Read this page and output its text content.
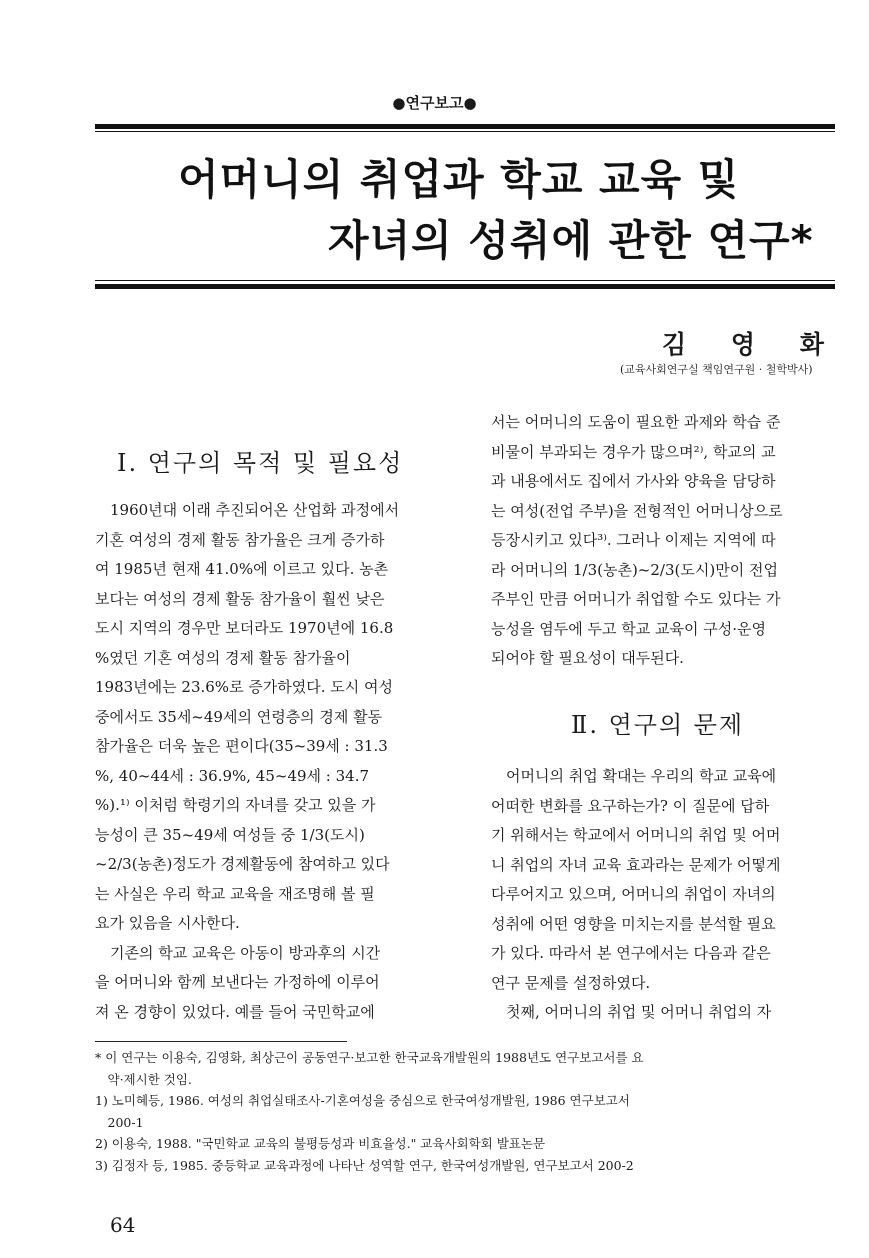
●연구보고●
어머니의 취업과 학교 교육 및
자녀의 성취에 관한 연구*
김 영 화
(교육사회연구실 책임연구원 · 철학박사)
Ⅰ. 연구의 목적 및 필요성
　1960년대 이래 추진되어온 산업화 과정에서
기혼 여성의 경제 활동 참가율은 크게 증가하
여 1985년 현재 41.0%에 이르고 있다. 농촌
보다는 여성의 경제 활동 참가율이 훨씬 낮은
도시 지역의 경우만 보더라도 1970년에 16.8
%였던 기혼 여성의 경제 활동 참가율이
1983년에는 23.6%로 증가하였다. 도시 여성
중에서도 35세~49세의 연령층의 경제 활동
참가율은 더욱 높은 편이다(35~39세 : 31.3
%, 40~44세 : 36.9%, 45~49세 : 34.7
%).¹⁾ 이처럼 학령기의 자녀를 갖고 있을 가
능성이 큰 35~49세 여성들 중 1/3(도시)
~2/3(농촌)정도가 경제활동에 참여하고 있다
는 사실은 우리 학교 교육을 재조명해 볼 필
요가 있음을 시사한다.
　기존의 학교 교육은 아동이 방과후의 시간
을 어머니와 함께 보낸다는 가정하에 이루어
져 온 경향이 있었다. 예를 들어 국민학교에
서는 어머니의 도움이 필요한 과제와 학습 준
비물이 부과되는 경우가 많으며²⁾, 학교의 교
과 내용에서도 집에서 가사와 양육을 담당하
는 여성(전업 주부)을 전형적인 어머니상으로
등장시키고 있다³⁾. 그러나 이제는 지역에 따
라 어머니의 1/3(농촌)~2/3(도시)만이 전업
주부인 만큼 어머니가 취업할 수도 있다는 가
능성을 염두에 두고 학교 교육이 구성·운영
되어야 할 필요성이 대두된다.
Ⅱ. 연구의 문제
　어머니의 취업 확대는 우리의 학교 교육에
어떠한 변화를 요구하는가? 이 질문에 답하
기 위해서는 학교에서 어머니의 취업 및 어머
니 취업의 자녀 교육 효과라는 문제가 어떻게
다루어지고 있으며, 어머니의 취업이 자녀의
성취에 어떤 영향을 미치는지를 분석할 필요
가 있다. 따라서 본 연구에서는 다음과 같은
연구 문제를 설정하였다.
　첫째, 어머니의 취업 및 어머니 취업의 자
* 이 연구는 이용숙, 김영화, 최상근이 공동연구·보고한 한국교육개발원의 1988년도 연구보고서를 요
　약·제시한 것임.
1) 노미혜등, 1986. 여성의 취업실태조사-기혼여성을 중심으로 한국여성개발원, 1986 연구보고서
　200-1
2) 이용숙, 1988. "국민학교 교육의 불평등성과 비효율성." 교육사회학회 발표논문
3) 김정자 등, 1985. 중등학교 교육과정에 나타난 성역할 연구, 한국여성개발원, 연구보고서 200-2
64
